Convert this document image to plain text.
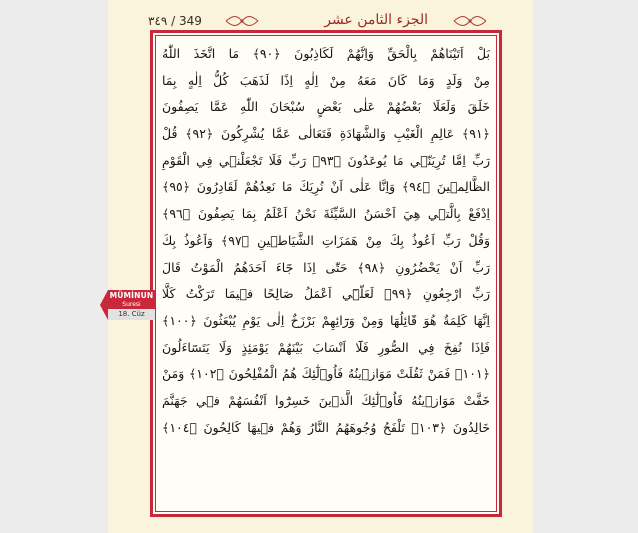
٣٤٩ / 349	الجزء الثامن عشر
بَلْ اَتَيْنَاهُمْ بِالْحَقِّ وَاِنَّهُمْ لَكَاذِبُونَ ﴿٩٠﴾ مَا اتَّخَذَ اللّٰهُ
مِنْ وَلَدٍ وَمَا كَانَ مَعَهُ مِنْ اِلٰهٍ اِذًا لَذَهَبَ كُلُّ اِلٰهٍ بِمَا
خَلَقَ وَلَعَلَا بَعْضُهُمْ عَلٰى بَعْضٍ سُبْحَانَ اللّٰهِ عَمَّا يَصِفُونَ
﴿٩١﴾ عَالِمِ الْغَيْبِ وَالشَّهَادَةِ فَتَعَالٰى عَمَّا يُشْرِكُونَ ﴿٩٢﴾ قُلْ
رَبِّ اِمَّا تُرِيَنّ۪ي مَا يُوعَدُونَ ﴿٩٣﴾ رَبِّ فَلَا تَجْعَلْن۪ي فِي الْقَوْمِ
الظَّالِم۪ينَ ﴿٩٤﴾ وَاِنَّا عَلٰى اَنْ نُرِيَكَ مَا نَعِدُهُمْ لَقَادِرُونَ ﴿٩٥﴾
اِدْفَعْ بِالَّت۪ي هِيَ اَحْسَنُ السَّيِّئَةَ نَحْنُ اَعْلَمُ بِمَا يَصِفُونَ ﴿٩٦﴾
وَقُلْ رَبِّ اَعُوذُ بِكَ مِنْ هَمَزَاتِ الشَّيَاط۪ينِ ﴿٩٧﴾ وَاَعُوذُ بِكَ
رَبِّ اَنْ يَحْضُرُونِ ﴿٩٨﴾ حَتّٰى اِذَا جَٓاءَ اَحَدَهُمُ الْمَوْتُ قَالَ
رَبِّ ارْجِعُونِ ﴿٩٩﴾ لَعَلّ۪ٓي اَعْمَلُ صَالِحًا ف۪يمَا تَرَكْتُ كَلَّا
اِنَّهَا كَلِمَةٌ هُوَ قَٓائِلُهَا وَمِنْ وَرَٓائِهِمْ بَرْزَخٌ اِلٰى يَوْمِ يُبْعَثُونَ ﴿١٠٠﴾
فَاِذَا نُفِخَ فِي الصُّورِ فَلَٓا اَنْسَابَ بَيْنَهُمْ يَوْمَئِذٍ وَلَا يَتَسَٓاءَلُونَ
﴿١٠١﴾ فَمَنْ ثَقُلَتْ مَوَاز۪ينُهُ فَاُو۬لٰٓئِكَ هُمُ الْمُفْلِحُونَ ﴿١٠٢﴾ وَمَنْ
خَفَّتْ مَوَاز۪ينُهُ فَاُو۬لٰٓئِكَ الَّذ۪ينَ خَسِرُٓوا اَنْفُسَهُمْ ف۪ي جَهَنَّمَ
خَالِدُونَ ﴿١٠٣﴾ تَلْفَحُ وُجُوهَهُمُ النَّارُ وَهُمْ ف۪يهَا كَالِحُونَ ﴿١٠٤﴾
MÜMİNUN
Suresi
18. Cüz
